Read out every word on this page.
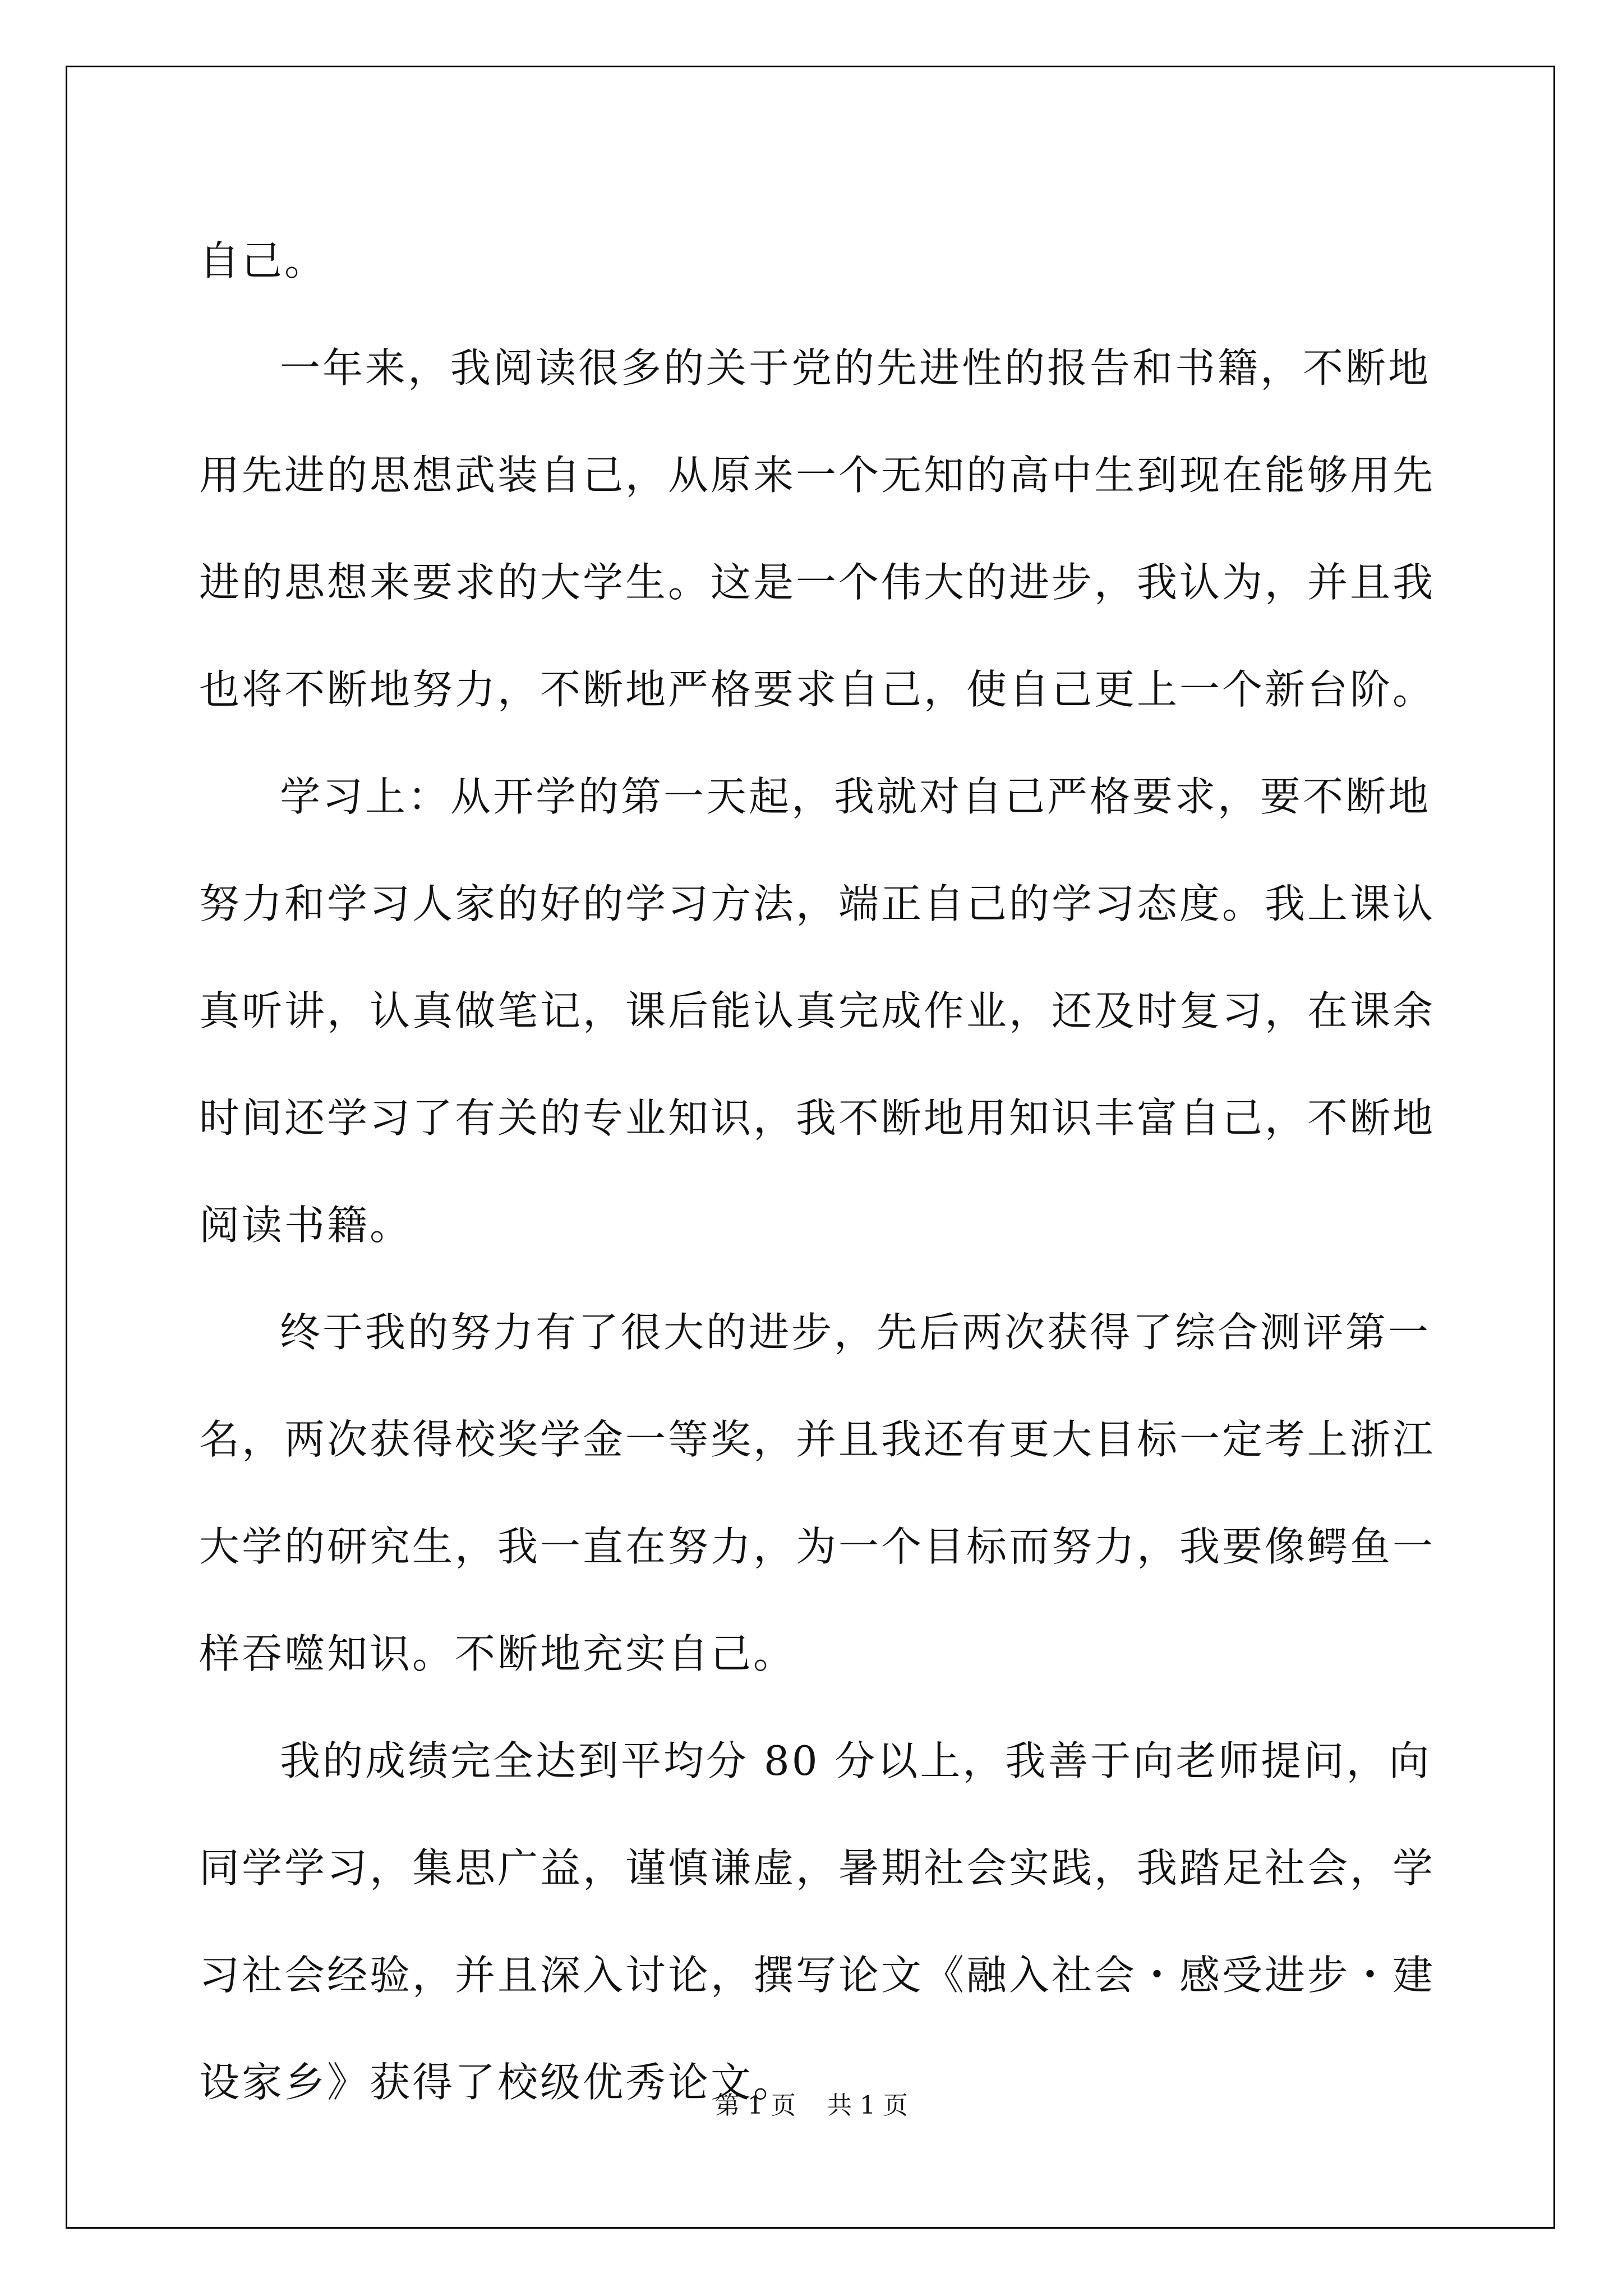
自己。

一年来，我阅读很多的关于党的先进性的报告和书籍，不断地用先进的思想武装自己，从原来一个无知的高中生到现在能够用先进的思想来要求的大学生。这是一个伟大的进步，我认为，并且我也将不断地努力，不断地严格要求自己，使自己更上一个新台阶。

学习上：从开学的第一天起，我就对自己严格要求，要不断地努力和学习人家的好的学习方法，端正自己的学习态度。我上课认真听讲，认真做笔记，课后能认真完成作业，还及时复习，在课余时间还学习了有关的专业知识，我不断地用知识丰富自己，不断地阅读书籍。

终于我的努力有了很大的进步，先后两次获得了综合测评第一名，两次获得校奖学金一等奖，并且我还有更大目标一定考上浙江大学的研究生，我一直在努力，为一个目标而努力，我要像鳄鱼一样吞噬知识。不断地充实自己。

我的成绩完全达到平均分 80 分以上，我善于向老师提问，向同学学习，集思广益，谨慎谦虚，暑期社会实践，我踏足社会，学习社会经验，并且深入讨论，撰写论文《融入社会・感受进步・建设家乡》获得了校级优秀论文。

第 1 页    共 1 页
